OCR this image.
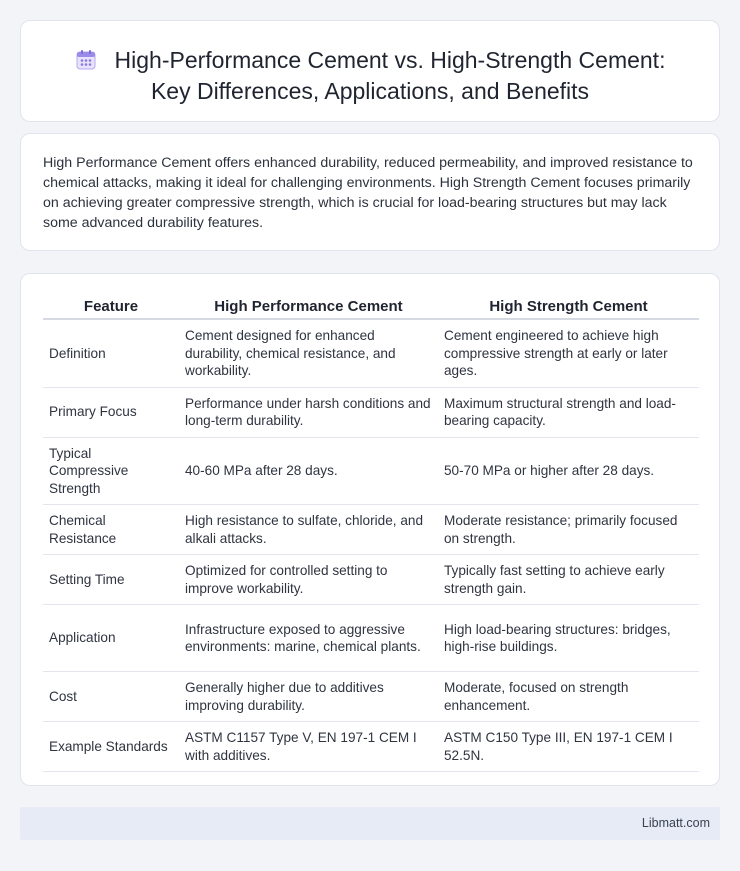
High-Performance Cement vs. High-Strength Cement: Key Differences, Applications, and Benefits

High Performance Cement offers enhanced durability, reduced permeability, and improved resistance to chemical attacks, making it ideal for challenging environments. High Strength Cement focuses primarily on achieving greater compressive strength, which is crucial for load-bearing structures but may lack some advanced durability features.

Feature	High Performance Cement	High Strength Cement
Definition	Cement designed for enhanced durability, chemical resistance, and workability.	Cement engineered to achieve high compressive strength at early or later ages.
Primary Focus	Performance under harsh conditions and long-term durability.	Maximum structural strength and load-bearing capacity.
Typical Compressive Strength	40-60 MPa after 28 days.	50-70 MPa or higher after 28 days.
Chemical Resistance	High resistance to sulfate, chloride, and alkali attacks.	Moderate resistance; primarily focused on strength.
Setting Time	Optimized for controlled setting to improve workability.	Typically fast setting to achieve early strength gain.
Application	Infrastructure exposed to aggressive environments: marine, chemical plants.	High load-bearing structures: bridges, high-rise buildings.
Cost	Generally higher due to additives improving durability.	Moderate, focused on strength enhancement.
Example Standards	ASTM C1157 Type V, EN 197-1 CEM I with additives.	ASTM C150 Type III, EN 197-1 CEM I 52.5N.
Libmatt.com
